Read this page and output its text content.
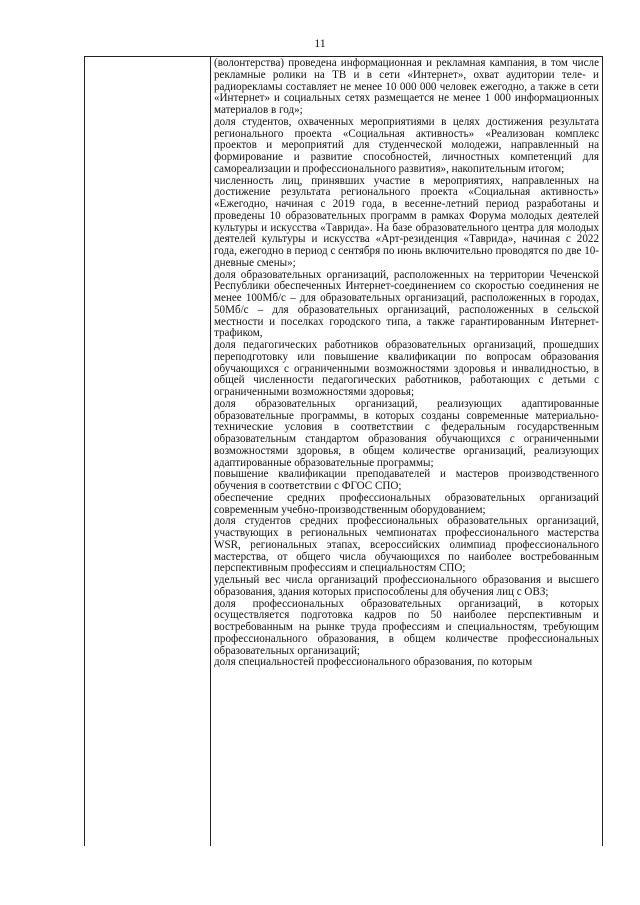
11

(волонтерства) проведена информационная и рекламная кампания, в том числе рекламные ролики на ТВ и в сети «Интернет», охват аудитории теле- и радиорекламы составляет не менее 10 000 000 человек ежегодно, а также в сети «Интернет» и социальных сетях размещается не менее 1 000 информационных материалов в год»;

доля студентов, охваченных мероприятиями в целях достижения результата регионального проекта «Социальная активность» «Реализован комплекс проектов и мероприятий для студенческой молодежи, направленный на формирование и развитие способностей, личностных компетенций для самореализации и профессионального развития», накопительным итогом;

численность лиц, принявших участие в мероприятиях, направленных на достижение результата регионального проекта «Социальная активность» «Ежегодно, начиная с 2019 года, в весенне-летний период разработаны и проведены 10 образовательных программ в рамках Форума молодых деятелей культуры и искусства «Таврида». На базе образовательного центра для молодых деятелей культуры и искусства «Арт-резиденция «Таврида», начиная с 2022 года, ежегодно в период с сентября по июнь включительно проводятся по две 10-дневные смены»;

доля образовательных организаций, расположенных на территории Чеченской Республики обеспеченных Интернет-соединением со скоростью соединения не менее 100Мб/с – для образовательных организаций, расположенных в городах, 50Мб/с – для образовательных организаций, расположенных в сельской местности и поселках городского типа, а также гарантированным Интернет-трафиком,

доля педагогических работников образовательных организаций, прошедших переподготовку или повышение квалификации по вопросам образования обучающихся с ограниченными возможностями здоровья и инвалидностью, в общей численности педагогических работников, работающих с детьми с ограниченными возможностями здоровья;

доля образовательных организаций, реализующих адаптированные образовательные программы, в которых созданы современные материально-технические условия в соответствии с федеральным государственным образовательным стандартом образования обучающихся с ограниченными возможностями здоровья, в общем количестве организаций, реализующих адаптированные образовательные программы;

повышение квалификации преподавателей и мастеров производственного обучения в соответствии с ФГОС СПО;

обеспечение средних профессиональных образовательных организаций современным учебно-производственным оборудованием;

доля студентов средних профессиональных образовательных организаций, участвующих в региональных чемпионатах профессионального мастерства WSR, региональных этапах, всероссийских олимпиад профессионального мастерства, от общего числа обучающихся по наиболее востребованным перспективным профессиям и специальностям СПО;

удельный вес числа организаций профессионального образования и высшего образования, здания которых приспособлены для обучения лиц с ОВЗ;

доля профессиональных образовательных организаций, в которых осуществляется подготовка кадров по 50 наиболее перспективным и востребованным на рынке труда профессиям и специальностям, требующим профессионального образования, в общем количестве профессиональных образовательных организаций;

доля специальностей профессионального образования, по которым
